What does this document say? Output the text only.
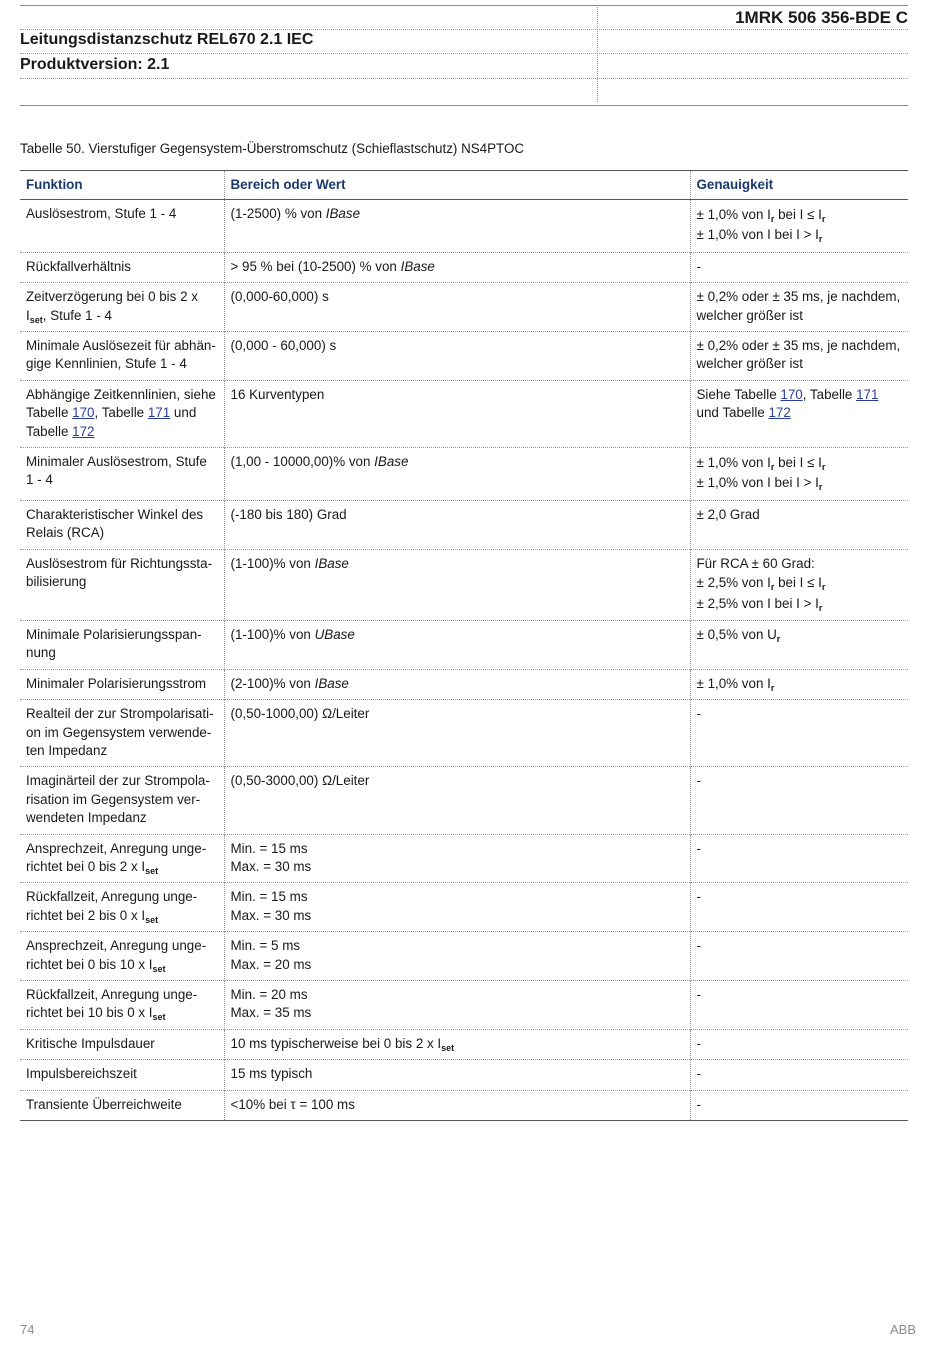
1MRK 506 356-BDE C
Leitungsdistanzschutz REL670 2.1 IEC
Produktversion: 2.1
Tabelle 50. Vierstufiger Gegensystem-Überstromschutz (Schieflastschutz) NS4PTOC
Funktion	Bereich oder Wert	Genauigkeit
Auslösestrom, Stufe 1 - 4	(1-2500) % von IBase	± 1,0% von $I_r$ bei $I \le I_r$
± 1,0% von I bei $I > I_r$

Rückfallverhältnis	> 95 % bei (10-2500) % von IBase	-

Zeitverzögerung bei 0 bis 2 x
$I_{set}$, Stufe 1 - 4	(0,000-60,000) s	± 0,2% oder ± 35 ms, je nachdem,
welcher größer ist

Minimale Auslösezeit für abhän-
gige Kennlinien, Stufe 1 - 4	(0,000 - 60,000) s	± 0,2% oder ± 35 ms, je nachdem,
welcher größer ist

Abhängige Zeitkennlinien, siehe
Tabelle 170, Tabelle 171 und
Tabelle 172	16 Kurventypen	Siehe Tabelle 170, Tabelle 171
und Tabelle 172

Minimaler Auslösestrom, Stufe
1 - 4	(1,00 - 10000,00)% von IBase	± 1,0% von $I_r$ bei $I \le I_r$
± 1,0% von I bei $I > I_r$

Charakteristischer Winkel des
Relais (RCA)	(-180 bis 180) Grad	± 2,0 Grad

Auslösestrom für Richtungssta-
bilisierung	(1-100)% von IBase	Für RCA ± 60 Grad:
± 2,5% von $I_r$ bei $I \le I_r$
± 2,5% von I bei $I > I_r$

Minimale Polarisierungsspan-
nung	(1-100)% von UBase	± 0,5% von $U_r$
Minimaler Polarisierungsstrom	(2-100)% von IBase	± 1,0% von $I_r$

Realteil der zur Strompolarisati-
on im Gegensystem verwende-
ten Impedanz	(0,50-1000,00) Ω/Leiter	-

Imaginärteil der zur Strompola-
risation im Gegensystem ver-
wendeten Impedanz	(0,50-3000,00) Ω/Leiter	-

Ansprechzeit, Anregung unge-
richtet bei 0 bis 2 x $I_{set}$	Min. = 15 ms
Max. = 30 ms	-

Rückfallzeit, Anregung unge-
richtet bei 2 bis 0 x $I_{set}$	Min. = 15 ms
Max. = 30 ms	-

Ansprechzeit, Anregung unge-
richtet bei 0 bis 10 x $I_{set}$	Min. = 5 ms
Max. = 20 ms	-

Rückfallzeit, Anregung unge-
richtet bei 10 bis 0 x $I_{set}$	Min. = 20 ms
Max. = 35 ms	-
Kritische Impulsdauer	10 ms typischerweise bei 0 bis 2 x $I_{set}$	-
Impulsbereichszeit	15 ms typisch	-
Transiente Überreichweite	<10% bei τ = 100 ms	-
74	ABB
